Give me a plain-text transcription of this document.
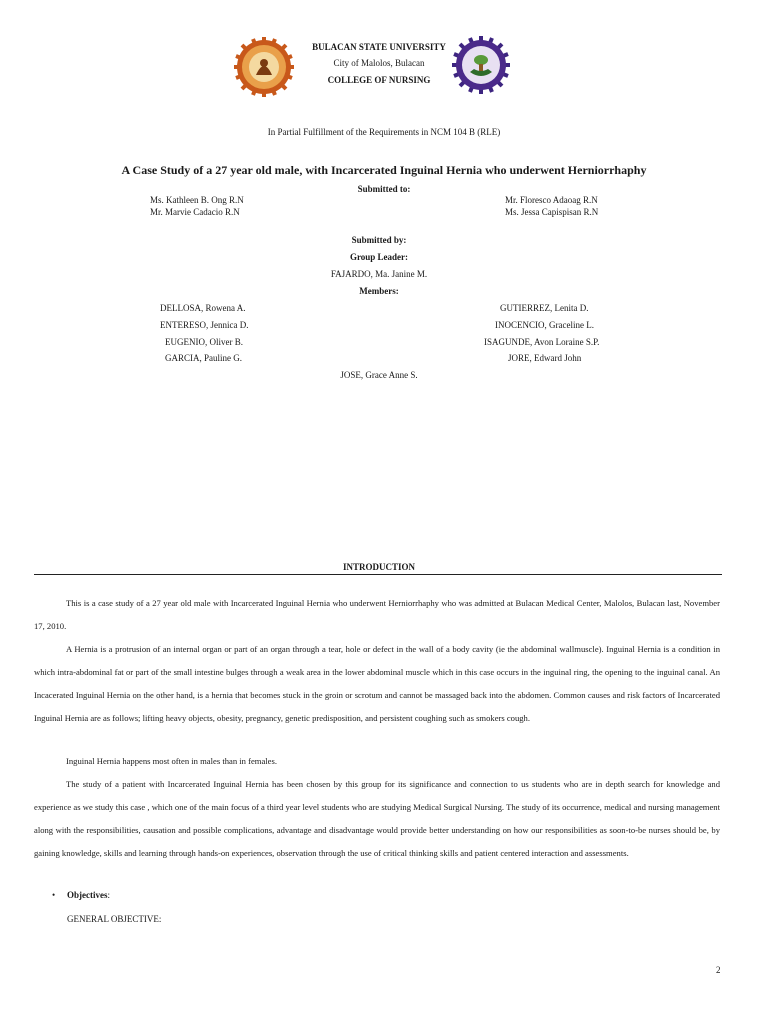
BULACAN STATE UNIVERSITY
City of Malolos, Bulacan
COLLEGE OF NURSING
In Partial Fulfillment of the Requirements in NCM 104 B (RLE)
A Case Study of a 27 year old male, with Incarcerated Inguinal Hernia who underwent Herniorrhaphy
Submitted to:
Ms. Kathleen B. Ong R.N
Mr. Marvie Cadacio R.N
Mr. Floresco Adaoag R.N
Ms. Jessa Capispisan R.N
Submitted by:
Group Leader:
FAJARDO, Ma. Janine M.
Members:
DELLOSA, Rowena A.
ENTERESO, Jennica D.
EUGENIO, Oliver B.
GARCIA, Pauline G.
GUTIERREZ, Lenita D.
INOCENCIO, Graceline L.
ISAGUNDE, Avon Loraine S.P.
JORE, Edward John
JOSE, Grace Anne S.
INTRODUCTION
This is a case study of a 27 year old male with Incarcerated Inguinal Hernia who underwent Herniorrhaphy who was admitted at Bulacan Medical Center, Malolos, Bulacan last, November 17, 2010.
A Hernia is a protrusion of an internal organ or part of an organ through a tear, hole or defect in the wall of a body cavity (ie the abdominal wallmuscle). Inguinal Hernia is a condition in which intra-abdominal fat or part of the small intestine bulges through a weak area in the lower abdominal muscle which in this case occurs in the inguinal ring, the opening to the inguinal canal. An Incacerated Inguinal Hernia on the other hand, is a hernia that becomes stuck in the groin or scrotum and cannot be massaged back into the abdomen. Common causes and risk factors of Incarcerated Inguinal Hernia are as follows; lifting heavy objects, obesity, pregnancy, genetic predisposition, and persistent coughing such as smokers cough.
Inguinal Hernia happens most often in males than in females.
The study of a patient with Incarcerated Inguinal Hernia has been chosen by this group for its significance and connection to us students who are in depth search for knowledge and experience as we study this case , which one of the main focus of a third year level students who are studying Medical Surgical Nursing. The study of its occurrence, medical and nursing management along with the responsibilities, causation and possible complications, advantage and disadvantage would provide better understanding on how our responsibilities as soon-to-be nurses should be, by gaining knowledge, skills and learning through hands-on experiences, observation through the use of critical thinking skills and patient centered interaction and assessments.
• Objectives:
GENERAL OBJECTIVE:
2
